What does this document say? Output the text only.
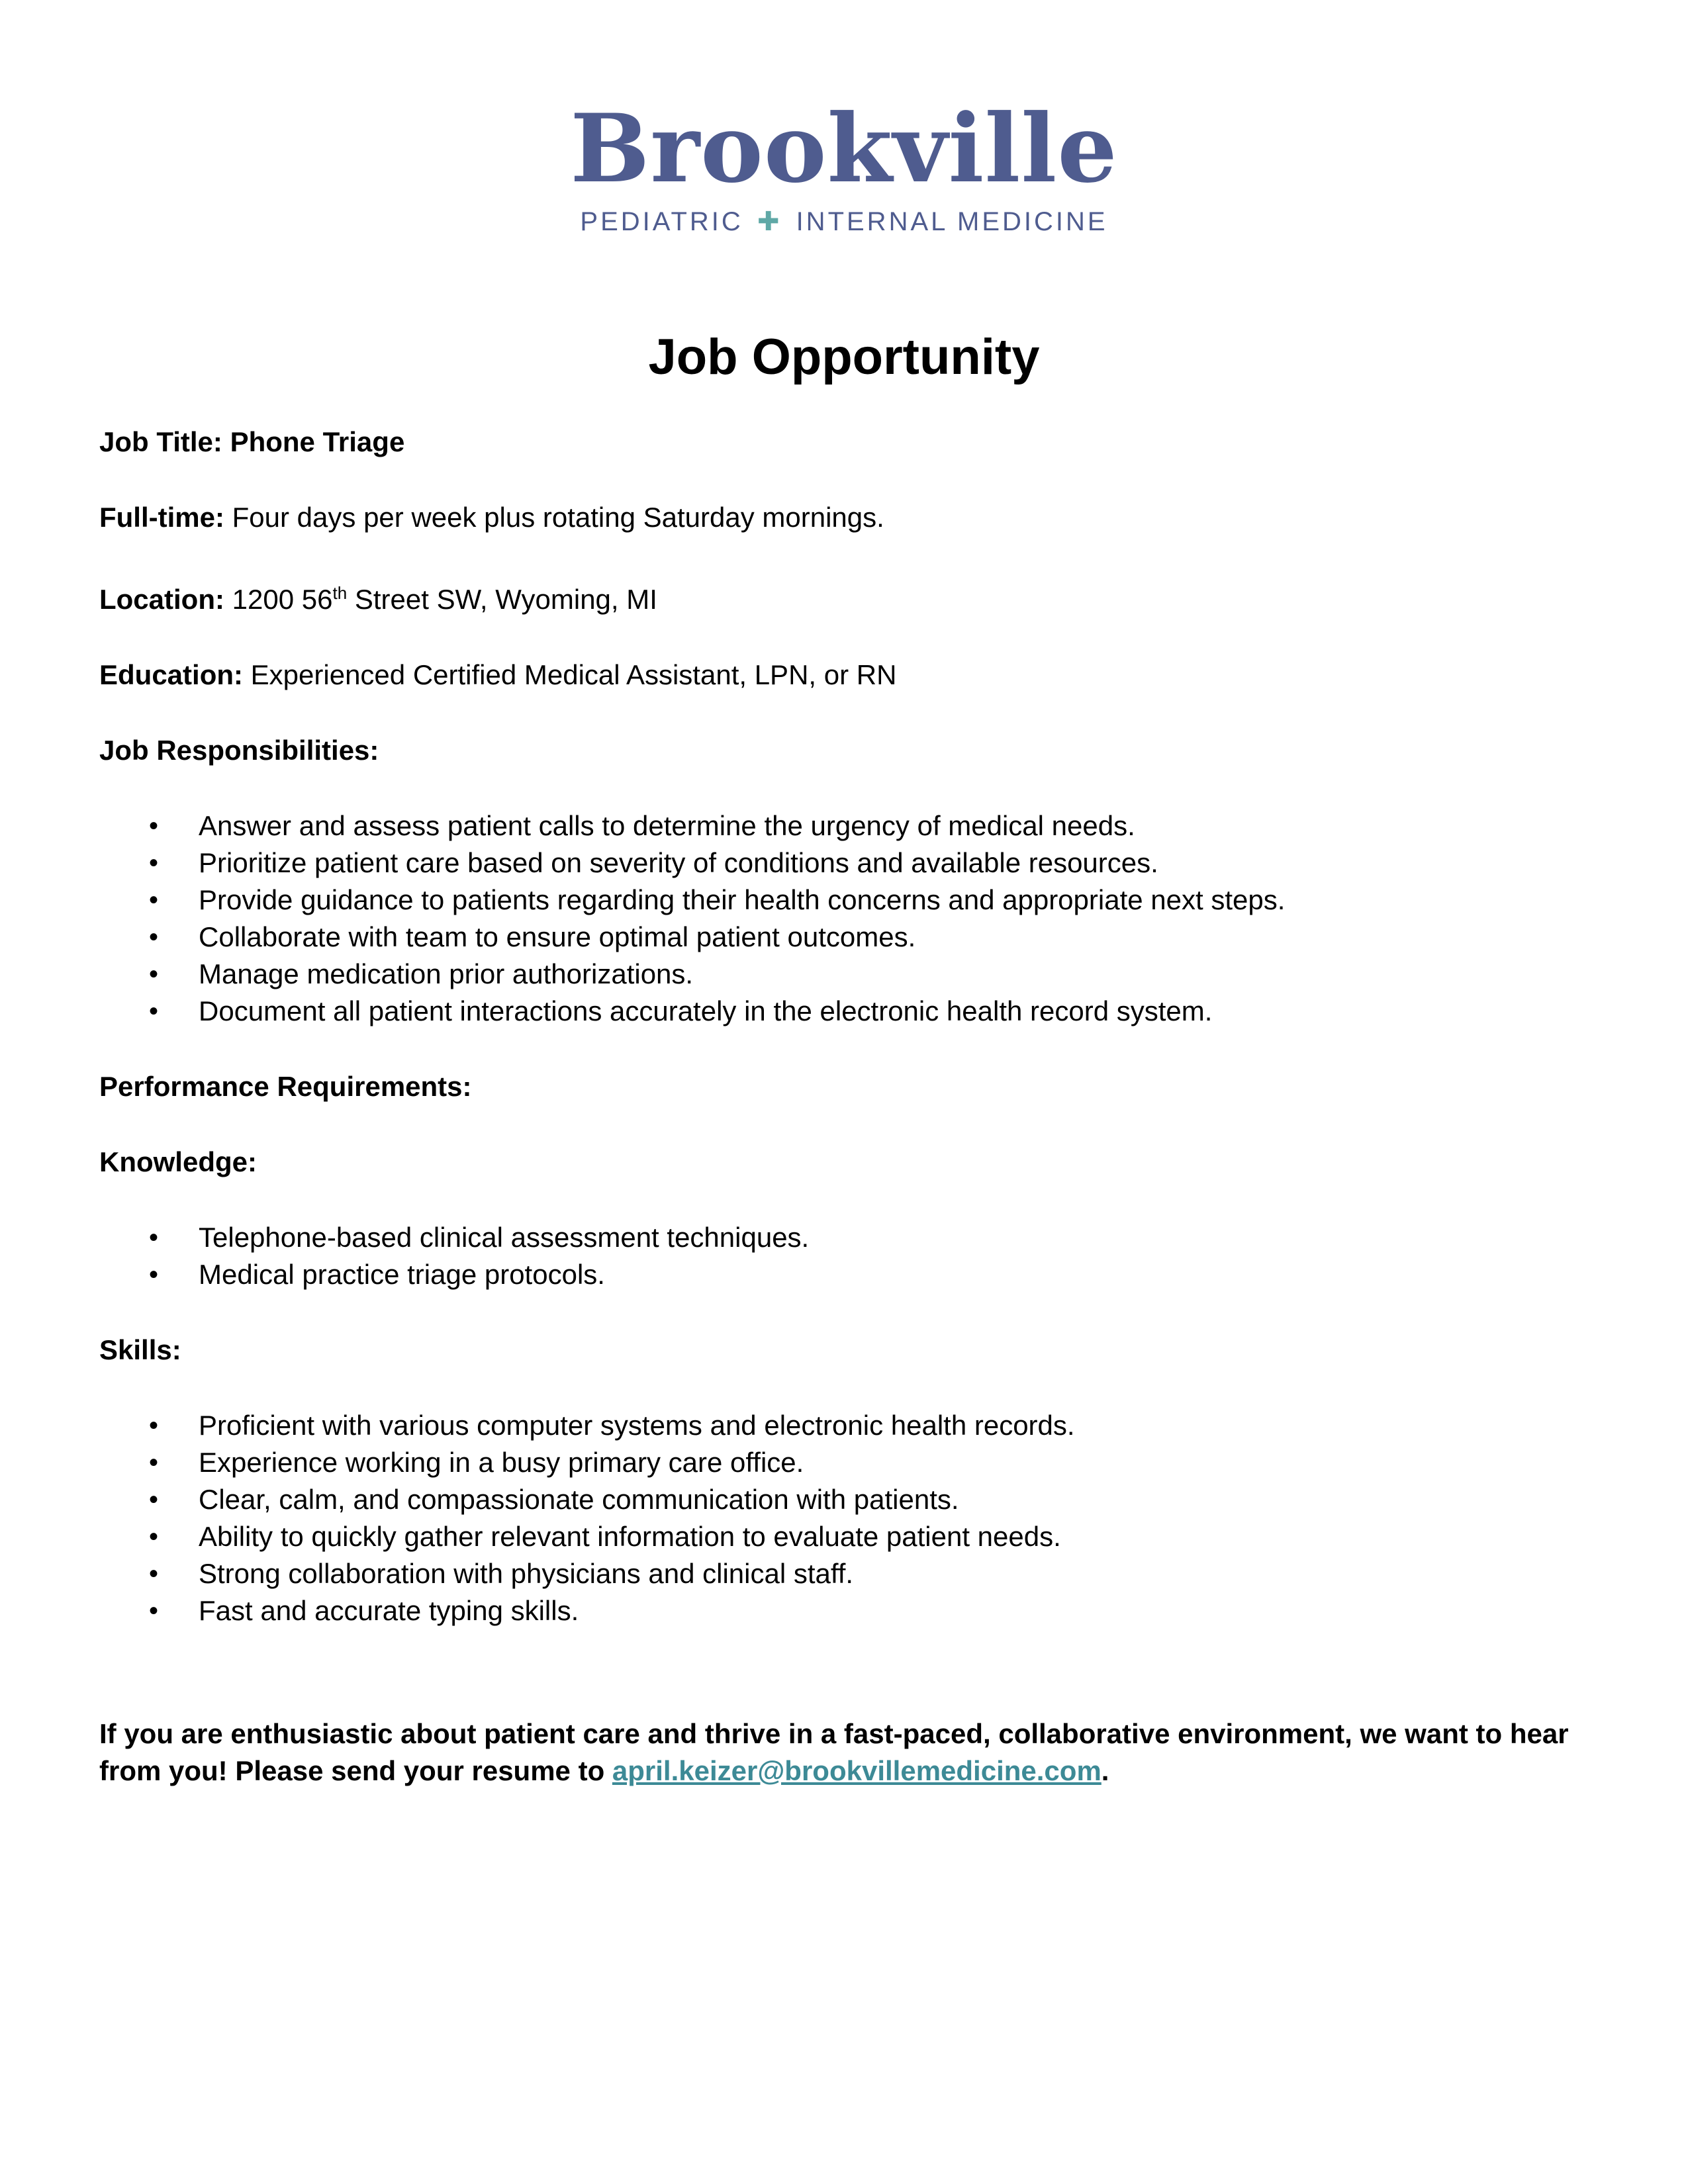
Brookville
PEDIATRIC ✚ INTERNAL MEDICINE
Job Opportunity

Job Title: Phone Triage

Full-time: Four days per week plus rotating Saturday mornings.

Location: 1200 56th Street SW, Wyoming, MI

Education: Experienced Certified Medical Assistant, LPN, or RN

Job Responsibilities:

• Answer and assess patient calls to determine the urgency of medical needs.
• Prioritize patient care based on severity of conditions and available resources.
• Provide guidance to patients regarding their health concerns and appropriate next steps.
• Collaborate with team to ensure optimal patient outcomes.
• Manage medication prior authorizations.
• Document all patient interactions accurately in the electronic health record system.

Performance Requirements:

Knowledge:

• Telephone-based clinical assessment techniques.
• Medical practice triage protocols.

Skills:

• Proficient with various computer systems and electronic health records.
• Experience working in a busy primary care office.
• Clear, calm, and compassionate communication with patients.
• Ability to quickly gather relevant information to evaluate patient needs.
• Strong collaboration with physicians and clinical staff.
• Fast and accurate typing skills.

If you are enthusiastic about patient care and thrive in a fast-paced, collaborative environment, we want to hear from you! Please send your resume to april.keizer@brookvillemedicine.com.
